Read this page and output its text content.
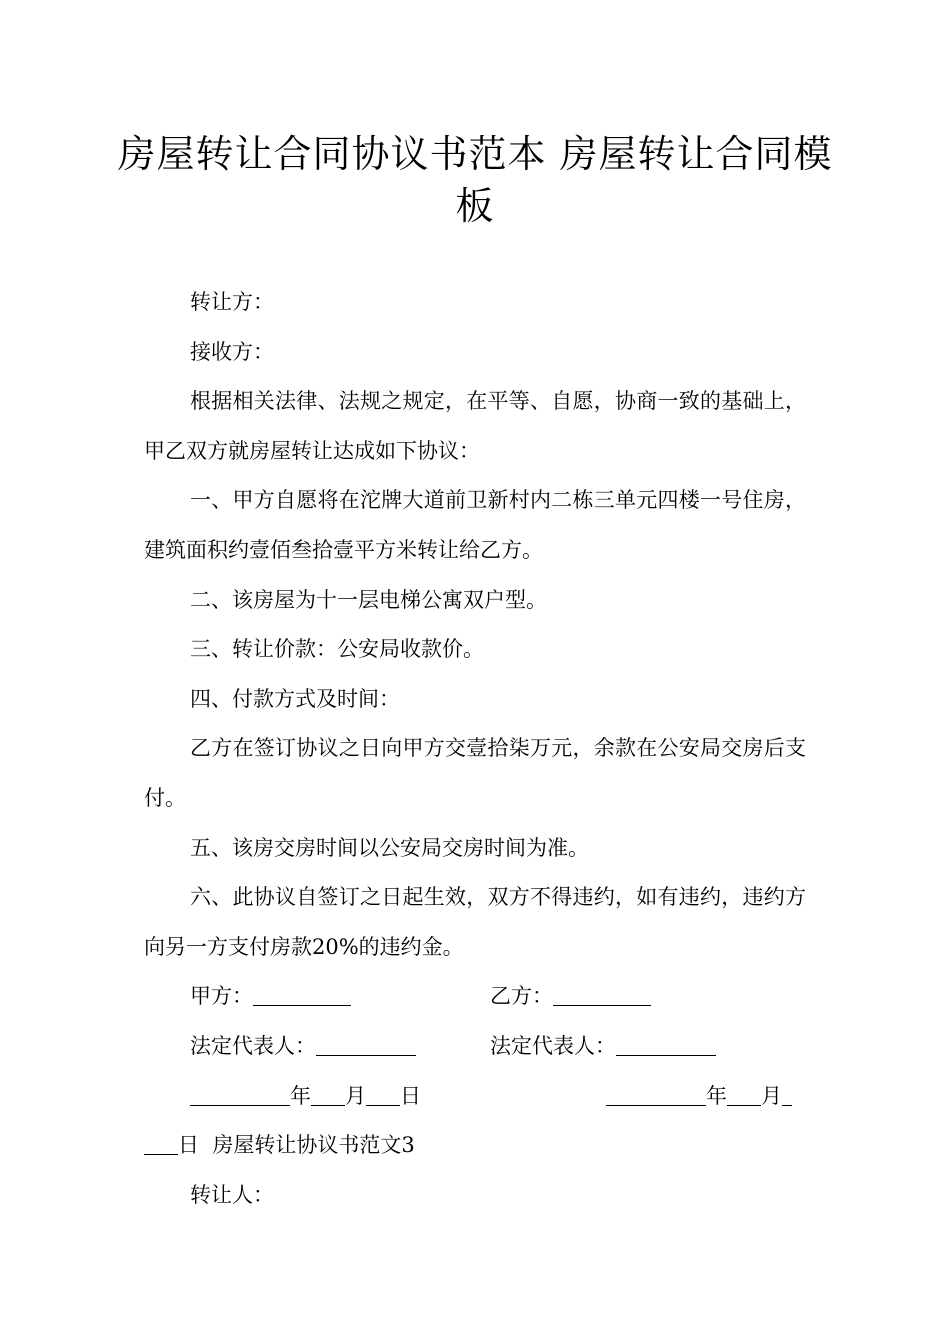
房屋转让合同协议书范本 房屋转让合同模板

转让方：

接收方：

根据相关法律、法规之规定，在平等、自愿，协商一致的基础上，甲乙双方就房屋转让达成如下协议：

一、甲方自愿将在沱牌大道前卫新村内二栋三单元四楼一号住房，建筑面积约壹佰叁拾壹平方米转让给乙方。

二、该房屋为十一层电梯公寓双户型。

三、转让价款：公安局收款价。

四、付款方式及时间：

乙方在签订协议之日向甲方交壹拾柒万元，余款在公安局交房后支付。

五、该房交房时间以公安局交房时间为准。

六、此协议自签订之日起生效，双方不得违约，如有违约，违约方向另一方支付房款20%的违约金。

甲方：	乙方：
法定代表人：	法定代表人：
年 月 日	年 月
日 房屋转让协议书范文3

转让人：
